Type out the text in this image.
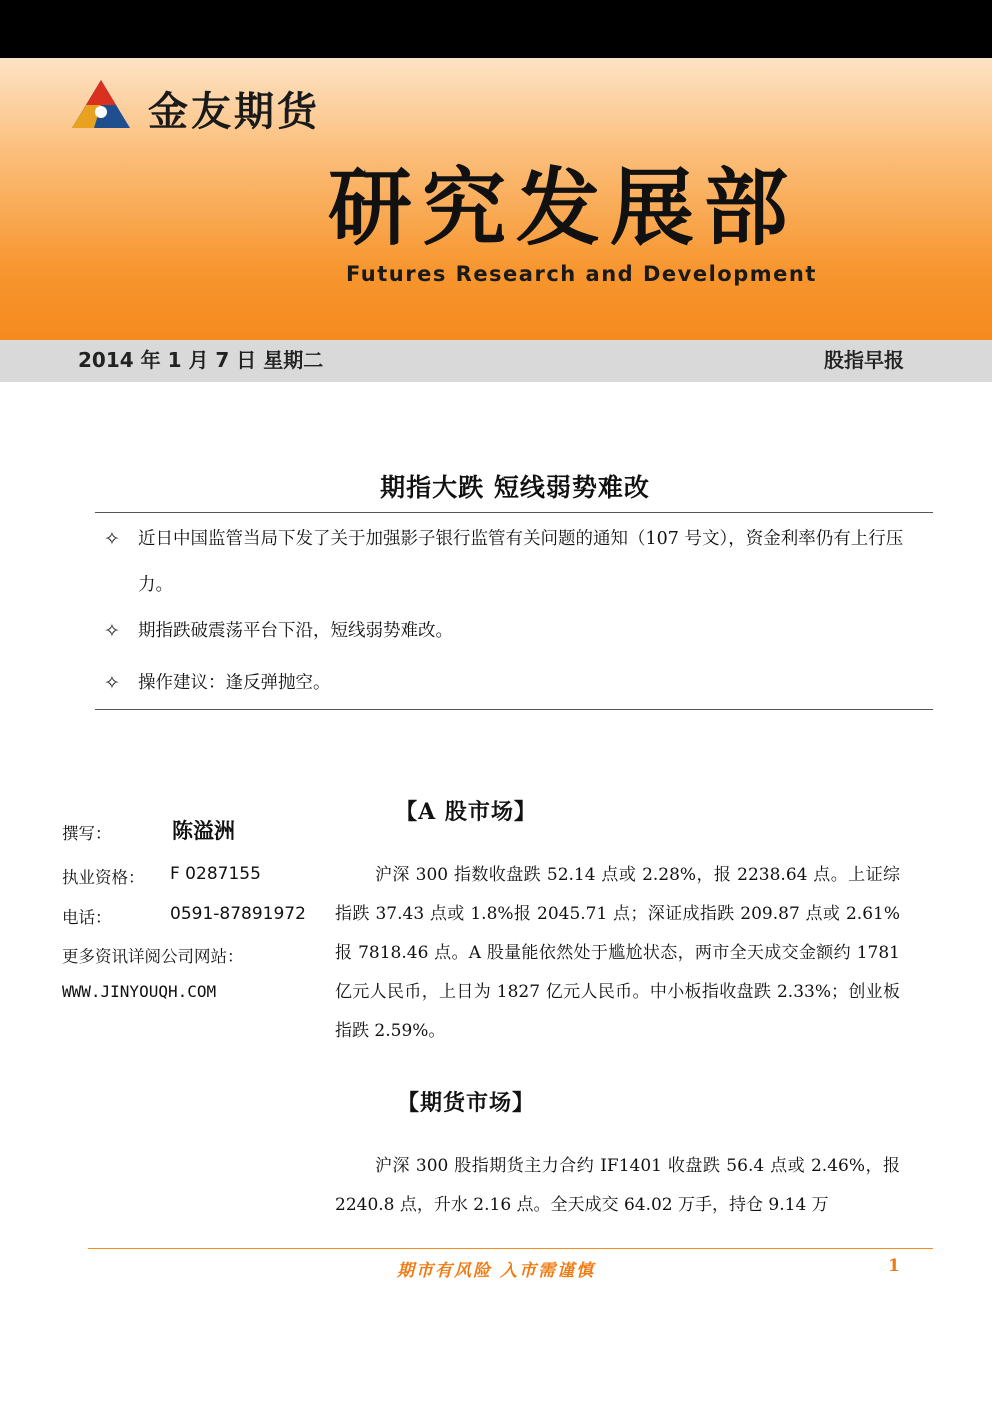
金友期货
研究发展部
Futures Research and Development
2014 年 1 月 7 日 星期二	股指早报
期指大跌 短线弱势难改
✧ 近日中国监管当局下发了关于加强影子银行监管有关问题的通知（107 号文），资金利率仍有上行压力。
✧ 期指跌破震荡平台下沿，短线弱势难改。
✧ 操作建议：逢反弹抛空。
【A 股市场】
撰写：	陈溢洲
执业资格： F 0287155
电话：	0591-87891972
更多资讯详阅公司网站：
WWW.JINYOUQH.COM
沪深 300 指数收盘跌 52.14 点或 2.28%，报 2238.64 点。上证综指跌 37.43 点或 1.8%报 2045.71 点；深证成指跌 209.87 点或 2.61%报 7818.46 点。A 股量能依然处于尴尬状态，两市全天成交金额约 1781 亿元人民币，上日为 1827 亿元人民币。中小板指收盘跌 2.33%；创业板指跌 2.59%。
【期货市场】
沪深 300 股指期货主力合约 IF1401 收盘跌 56.4 点或 2.46%，报 2240.8 点，升水 2.16 点。全天成交 64.02 万手，持仓 9.14 万
期市有风险 入市需谨慎	1
